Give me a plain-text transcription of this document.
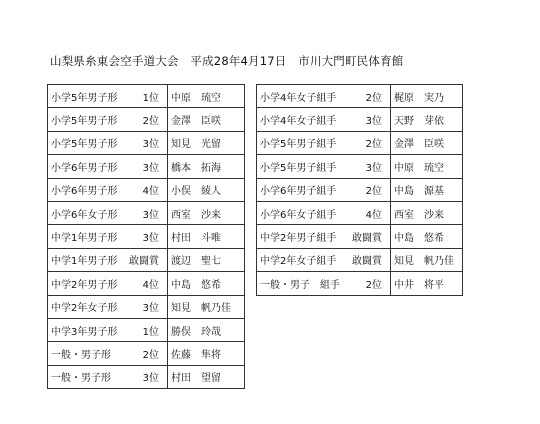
山梨県糸東会空手道大会　平成28年4月17日　市川大門町民体育館
小学5年男子形 1位	中原　琉空

小学5年男子形 2位	金澤　臣咲

小学5年男子形 3位	知見　光留

小学6年男子形 3位	橋本　拓海

小学6年男子形 4位	小俣　綾人

小学6年女子形 3位	西室　沙来

中学1年男子形 3位	村田　斗唯

中学1年男子形 敢闘賞	渡辺　聖七

中学2年男子形 4位	中島　悠希

中学2年女子形 3位	知見　帆乃佳

中学3年男子形 1位	勝俣　玲哉

一般・男子形 2位	佐藤　隼将

一般・男子形 3位	村田　望留
小学4年女子組手 2位	梶原　実乃

小学4年女子組手 3位	天野　芽依

小学5年男子組手 2位	金澤　臣咲

小学5年男子組手 3位	中原　琉空

小学6年男子組手 2位	中島　源基

小学6年女子組手 4位	西室　沙来

中学2年男子組手 敢闘賞	中島　悠希

中学2年女子組手 敢闘賞	知見　帆乃佳

一般・男子　組手 2位	中井　将平
